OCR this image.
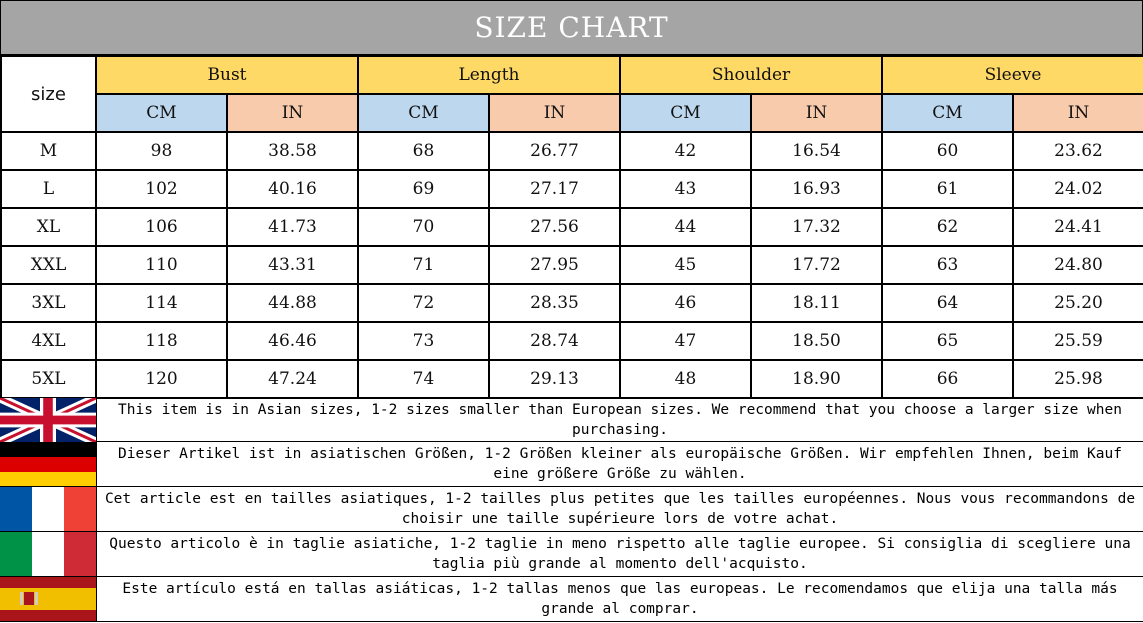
SIZE CHART
size	Bust		Length		Shoulder		Sleeve	
	CM	IN	CM	IN	CM	IN	CM	IN
M	98	38.58	68	26.77	42	16.54	60	23.62
L	102	40.16	69	27.17	43	16.93	61	24.02
XL	106	41.73	70	27.56	44	17.32	62	24.41
XXL	110	43.31	71	27.95	45	17.72	63	24.80
3XL	114	44.88	72	28.35	46	18.11	64	25.20
4XL	118	46.46	73	28.74	47	18.50	65	25.59
5XL	120	47.24	74	29.13	48	18.90	66	25.98
This item is in Asian sizes, 1-2 sizes smaller than European sizes. We recommend that you choose a larger size when purchasing.
Dieser Artikel ist in asiatischen Größen, 1-2 Größen kleiner als europäische Größen. Wir empfehlen Ihnen, beim Kauf eine größere Größe zu wählen.
Cet article est en tailles asiatiques, 1-2 tailles plus petites que les tailles européennes. Nous vous recommandons de choisir une taille supérieure lors de votre achat.
Questo articolo è in taglie asiatiche, 1-2 taglie in meno rispetto alle taglie europee. Si consiglia di scegliere una taglia più grande al momento dell'acquisto.
Este artículo está en tallas asiáticas, 1-2 tallas menos que las europeas. Le recomendamos que elija una talla más grande al comprar.
